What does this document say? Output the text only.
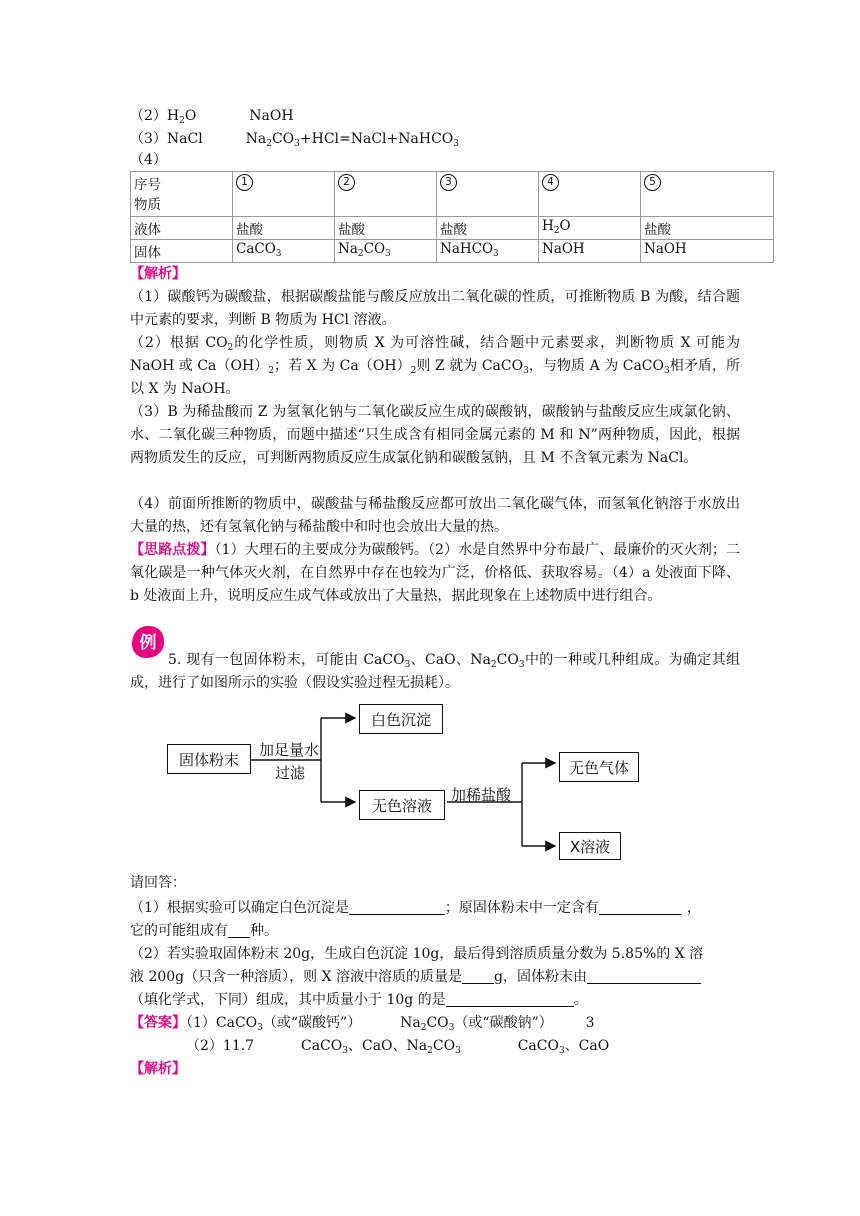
$(2)H_2O$	NaOH
（3）NaCl	$Na_2CO_3+HCl=NaCl+NaHCO_3$
（4）
序号
物质	1	2	3	4	5
液体	盐酸	盐酸	盐酸	$H_2O$	盐酸
固体	CaCO$_3$	$Na_2CO_3$	NaHCO$_3$	NaOH	NaOH
【解析】
（1）碳酸钙为碳酸盐，根据碳酸盐能与酸反应放出二氧化碳的性质，可推断物质 B 为酸，结合题中元素的要求，判断 B 物质为 HCl 溶液。
（2）根据 $CO_2$的化学性质，则物质 X 为可溶性碱，结合题中元素要求，判断物质 X 可能为 NaOH 或 $Ca(OH)_2$；若 X 为 $Ca(OH)_2$则 Z 就为 CaCO$_3$，与物质 A 为 CaCO$_3$相矛盾，所以 X 为 NaOH。
（3）B 为稀盐酸而 Z 为氢氧化钠与二氧化碳反应生成的碳酸钠，碳酸钠与盐酸反应生成氯化钠、水、二氧化碳三种物质，而题中描述“只生成含有相同金属元素的 M 和 N”两种物质，因此，根据两物质发生的反应，可判断两物质反应生成氯化钠和碳酸氢钠，且 M 不含氧元素为 NaCl。
（4）前面所推断的物质中，碳酸盐与稀盐酸反应都可放出二氧化碳气体，而氢氧化钠溶于水放出大量的热，还有氢氧化钠与稀盐酸中和时也会放出大量的热。
【思路点拨】（1）大理石的主要成分为碳酸钙。（2）水是自然界中分布最广、最廉价的灭火剂；二氧化碳是一种气体灭火剂，在自然界中存在也较为广泛，价格低、获取容易。（4）a 处液面下降、b 处液面上升，说明反应生成气体或放出了大量热，据此现象在上述物质中进行组合。
例
5. 现有一包固体粉末，可能由 CaCO$_3$、CaO、$Na_2CO_3$中的一种或几种组成。为确定其组成，进行了如图所示的实验（假设实验过程无损耗）。
固体粉末
加足量水
过滤
白色沉淀
无色溶液
加稀盐酸
无色气体
X溶液
请回答：
（1）根据实验可以确定白色沉淀是	；原固体粉末中一定含有	，
它的可能组成有 种。
（2）若实验取固体粉末 20g，生成白色沉淀 10g，最后得到溶质质量分数为 5.85%的 X 溶
液 200g（只含一种溶质），则 X 溶液中溶质的质量是 g，固体粉末由
（填化学式，下同）组成，其中质量小于 10g 的是	。
【答案】（1）CaCO$_3$（或“碳酸钙”）	$Na_2CO_3$（或“碳酸钠”） 3
（2）11.7	CaCO$_3$、CaO、$Na_2CO_3$	CaCO$_3$、CaO
【解析】
